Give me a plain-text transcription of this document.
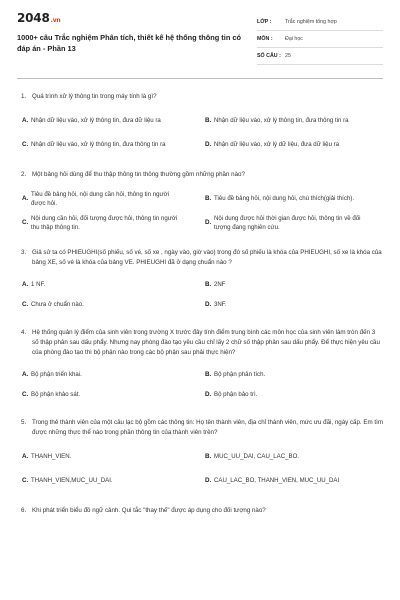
2048.vn
1000+ câu Trắc nghiệm Phân tích, thiết kế hệ thống thông tin có đáp án - Phần 13
LỚP :	Trắc nghiệm tổng hợp
MÔN :	Đại học
SỐ CÂU : 25
1. Quá trình xử lý thông tin trong máy tính là gì?
A. Nhận dữ liệu vào, xử lý thông tin, đưa dữ liệu ra	B. Nhận dữ liệu vào, xử lý thông tin, đưa thông tin ra
C. Nhận dữ liệu vào, xử lý thông tin, đưa thông tin ra	D. Nhận dữ liệu vào, xử lý dữ liệu, đưa dữ liệu ra
2. Một bảng hỏi dùng để thu thập thông tin thông thường gồm những phần nào?
A.
Tiêu đề bảng hỏi, nội dung cần hỏi, thông tin người được hỏi.
B. Tiêu đề bảng hỏi, nội dung hỏi, chú thích(giải thích).
C.
Nội dung cần hỏi, đối tượng được hỏi, thông tin người thu thập thông tin.
D.
Nội dung được hỏi thời gian được hỏi, thông tin về đối tượng đang nghiên cứu.
3. Giả sử ta có PHIEUGHI(số phiếu, số vé, số xe , ngày vào, giờ vào) trong đó số phiếu là khóa của PHIEUGHI, số xe là khóa của bảng XE, số vé là khóa của bảng VE. PHIEUGHI đã ở dạng chuẩn nào ?
A. 1 NF.	B. 2NF
C. Chưa ở chuẩn nào.	D. 3NF.
4. Hệ thống quản lý điểm của sinh viên trong trường X trước đây tính điểm trung bình các môn học của sinh viên làm tròn đến 3 số thập phân sau dấu phẩy. Nhưng nay phòng đào tạo yêu cầu chỉ lấy 2 chữ số thập phân sau dấu phẩy. Để thực hiện yêu cầu của phòng đào tạo thì bộ phận nào trong các bộ phận sau phải thực hiện?
A. Bộ phận triển khai.	B. Bộ phận phân tích.
C. Bộ phận khảo sát.	D. Bộ phận bảo trì.
5. Trong thẻ thành viên của một câu lạc bộ gồm các thông tin: Họ tên thành viên, địa chỉ thành viên, mức ưu đãi, ngày cấp. Em tìm được những thực thể nào trong phần thông tin của thành viên trên?
A. THANH_VIEN.	B. MUC_UU_DAI, CAU_LAC_BO.
C. THANH_VIEN,MUC_UU_DAI.	D. CAU_LAC_BO, THANH_VIEN, MUC_UU_DAI
6. Khi phát triển biểu đồ ngữ cảnh. Qui tắc "thay thế" được áp dụng cho đối tượng nào?
